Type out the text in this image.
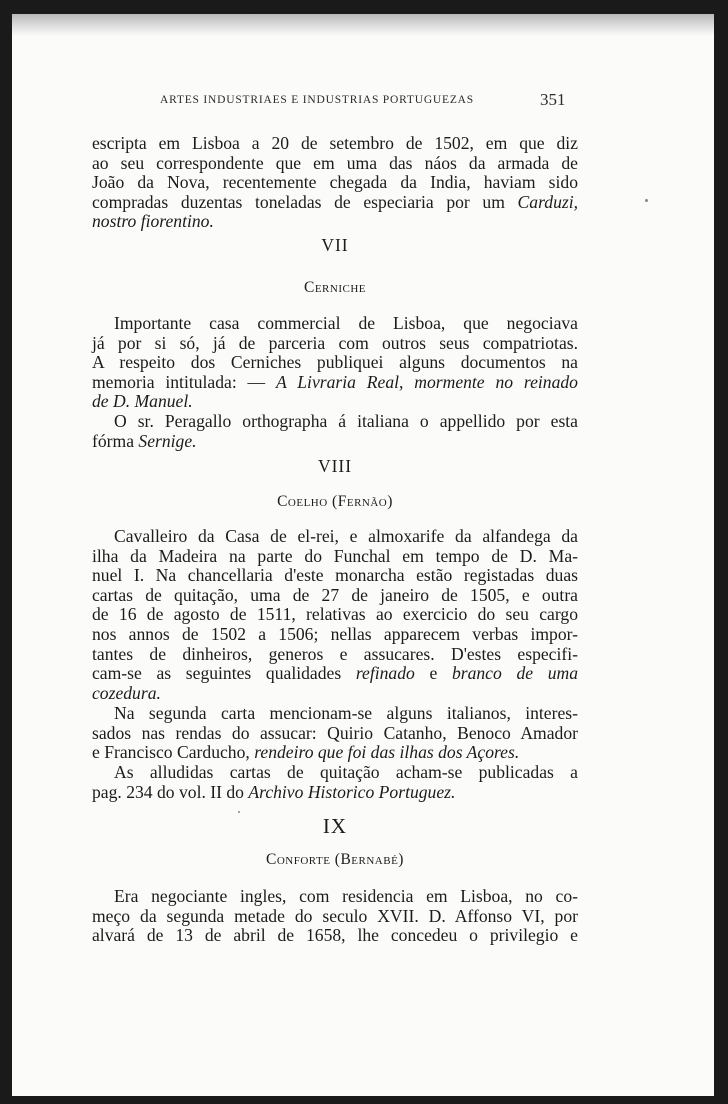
ARTES INDUSTRIAES E INDUSTRIAS PORTUGUEZAS	351
escripta em Lisboa a 20 de setembro de 1502, em que diz
ao seu correspondente que em uma das náos da armada de
João da Nova, recentemente chegada da India, haviam sido
compradas duzentas toneladas de especiaria por um Carduzi,
nostro fiorentino.
VII
Cerniche
Importante casa commercial de Lisboa, que negociava
já por si só, já de parceria com outros seus compatriotas.
A respeito dos Cerniches publiquei alguns documentos na
memoria intitulada: — A Livraria Real, mormente no reinado
de D. Manuel.
O sr. Peragallo orthographa á italiana o appellido por esta
fórma Sernige.
VIII
Coelho (Fernão)
Cavalleiro da Casa de el-rei, e almoxarife da alfandega da
ilha da Madeira na parte do Funchal em tempo de D. Ma-
nuel I. Na chancellaria d'este monarcha estão registadas duas
cartas de quitação, uma de 27 de janeiro de 1505, e outra
de 16 de agosto de 1511, relativas ao exercicio do seu cargo
nos annos de 1502 a 1506; nellas apparecem verbas impor-
tantes de dinheiros, generos e assucares. D'estes especifi-
cam-se as seguintes qualidades refinado e branco de uma
cozedura.
Na segunda carta mencionam-se alguns italianos, interes-
sados nas rendas do assucar: Quirio Catanho, Benoco Amador
e Francisco Carducho, rendeiro que foi das ilhas dos Açores.
As alludidas cartas de quitação acham-se publicadas a
pag. 234 do vol. II do Archivo Historico Portuguez.
IX
Conforte (Bernabé)
Era negociante ingles, com residencia em Lisboa, no co-
meço da segunda metade do seculo XVII. D. Affonso VI, por
alvará de 13 de abril de 1658, lhe concedeu o privilegio e
